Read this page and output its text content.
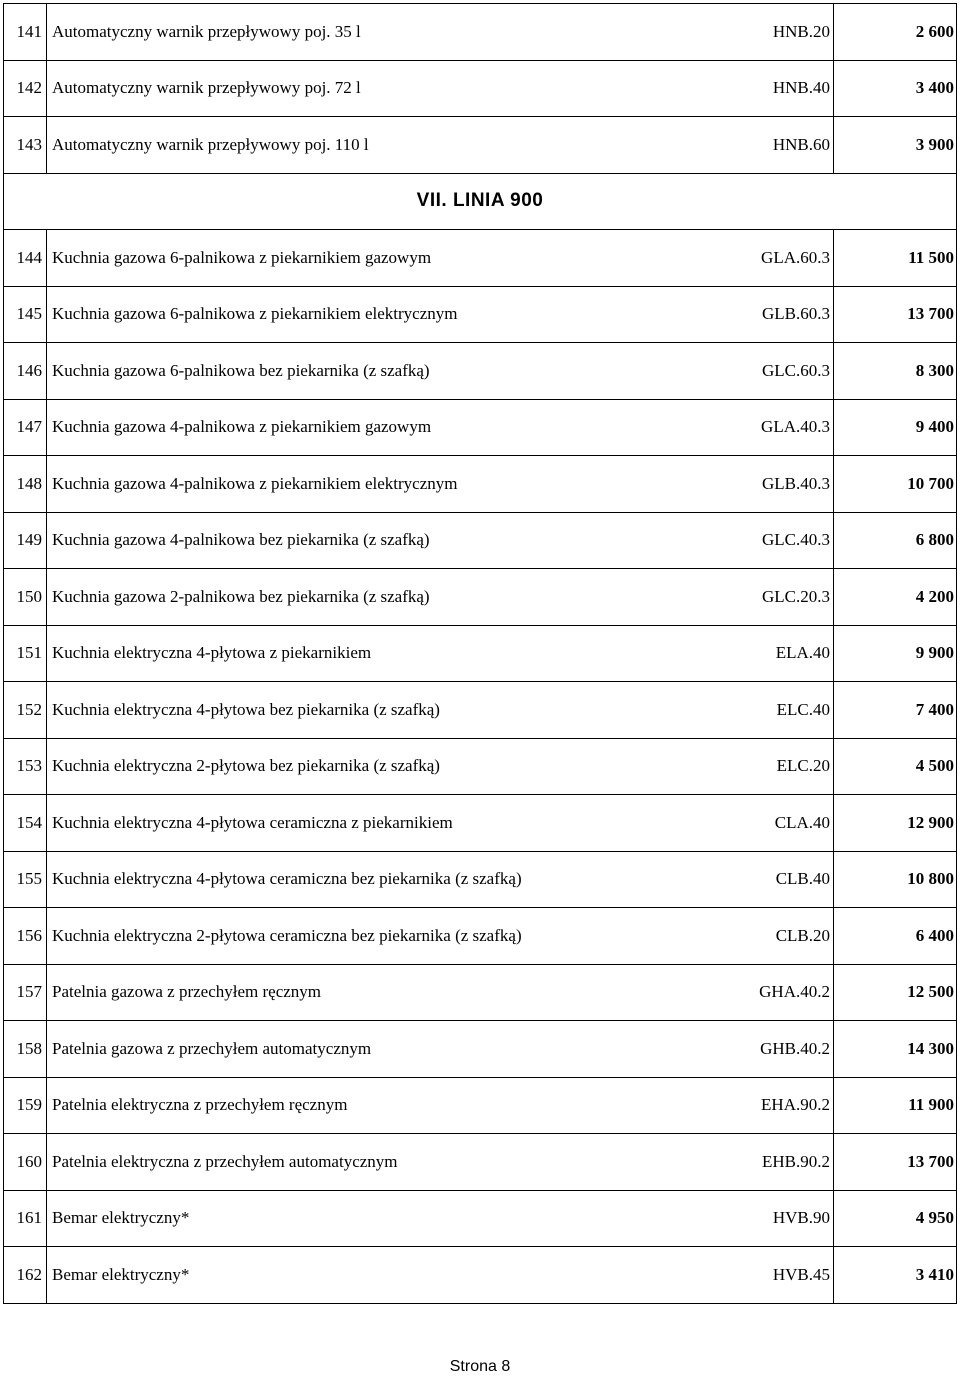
141	Automatyczny warnik przepływowy poj. 35 l	HNB.20	2 600
142	Automatyczny warnik przepływowy poj. 72 l	HNB.40	3 400
143	Automatyczny warnik przepływowy poj. 110 l	HNB.60	3 900
VII. LINIA 900			
144	Kuchnia gazowa 6-palnikowa z piekarnikiem gazowym	GLA.60.3	11 500
145	Kuchnia gazowa 6-palnikowa z piekarnikiem elektrycznym	GLB.60.3	13 700
146	Kuchnia gazowa 6-palnikowa bez piekarnika (z szafką)	GLC.60.3	8 300
147	Kuchnia gazowa 4-palnikowa z piekarnikiem gazowym	GLA.40.3	9 400
148	Kuchnia gazowa 4-palnikowa z piekarnikiem elektrycznym	GLB.40.3	10 700
149	Kuchnia gazowa 4-palnikowa bez piekarnika (z szafką)	GLC.40.3	6 800
150	Kuchnia gazowa 2-palnikowa bez piekarnika (z szafką)	GLC.20.3	4 200
151	Kuchnia elektryczna 4-płytowa z piekarnikiem	ELA.40	9 900
152	Kuchnia elektryczna 4-płytowa bez piekarnika (z szafką)	ELC.40	7 400
153	Kuchnia elektryczna 2-płytowa bez piekarnika (z szafką)	ELC.20	4 500
154	Kuchnia elektryczna 4-płytowa ceramiczna z piekarnikiem	CLA.40	12 900
155	Kuchnia elektryczna 4-płytowa ceramiczna bez piekarnika (z szafką)	CLB.40	10 800
156	Kuchnia elektryczna 2-płytowa ceramiczna bez piekarnika (z szafką)	CLB.20	6 400
157	Patelnia gazowa z przechyłem ręcznym	GHA.40.2	12 500
158	Patelnia gazowa z przechyłem automatycznym	GHB.40.2	14 300
159	Patelnia elektryczna z przechyłem ręcznym	EHA.90.2	11 900
160	Patelnia elektryczna z przechyłem automatycznym	EHB.90.2	13 700
161	Bemar elektryczny*	HVB.90	4 950
162	Bemar elektryczny*	HVB.45	3 410
Strona 8
